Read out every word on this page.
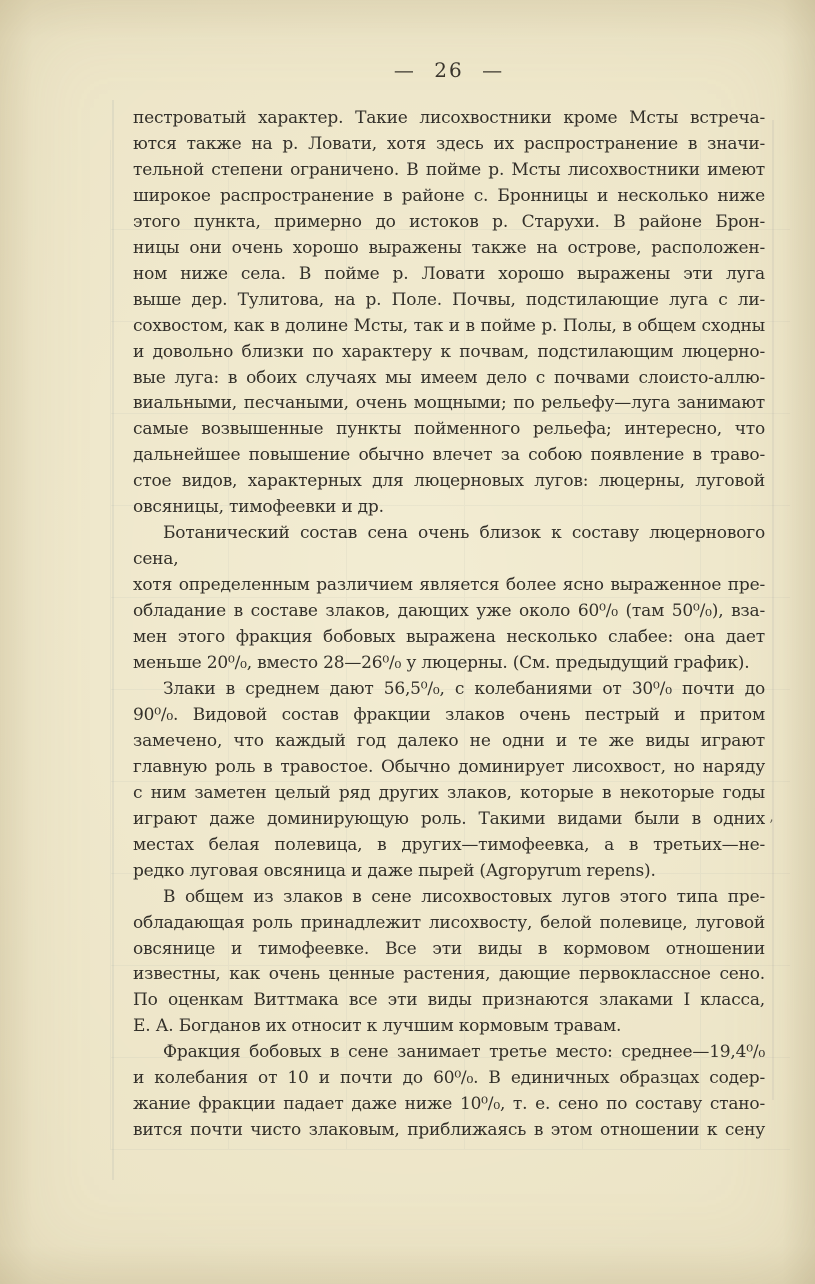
— 26 —
пестроватый характер. Такие лисохвостники кроме Мсты встреча-
ются также на р. Ловати, хотя здесь их распространение в значи-
тельной степени ограничено. В пойме р. Мсты лисохвостники имеют
широкое распространение в районе с. Бронницы и несколько ниже
этого пункта, примерно до истоков р. Старухи. В районе Брон-
ницы они очень хорошо выражены также на острове, расположен-
ном ниже села. В пойме р. Ловати хорошо выражены эти луга
выше дер. Тулитова, на р. Поле. Почвы, подстилающие луга с ли-
сохвостом, как в долине Мсты, так и в пойме р. Полы, в общем сходны
и довольно близки по характеру к почвам, подстилающим люцерно-
вые луга: в обоих случаях мы имеем дело с почвами слоисто-аллю-
виальными, песчаными, очень мощными; по рельефу—луга занимают
самые возвышенные пункты пойменного рельефа; интересно, что
дальнейшее повышение обычно влечет за собою появление в траво-
стое видов, характерных для люцерновых лугов: люцерны, луговой
овсяницы, тимофеевки и др.
Ботанический состав сена очень близок к составу люцернового сена,
хотя определенным различием является более ясно выраженное пре-
обладание в составе злаков, дающих уже около 60⁰/₀ (там 50⁰/₀), вза-
мен этого фракция бобовых выражена несколько слабее: она дает
меньше 20⁰/₀, вместо 28—26⁰/₀ у люцерны. (См. предыдущий график).
Злаки в среднем дают 56,5⁰/₀, с колебаниями от 30⁰/₀ почти до
90⁰/₀. Видовой состав фракции злаков очень пестрый и притом
замечено, что каждый год далеко не одни и те же виды играют
главную роль в травостое. Обычно доминирует лисохвост, но наряду
с ним заметен целый ряд других злаков, которые в некоторые годы
играют даже доминирующую роль. Такими видами были в одних
местах белая полевица, в других—тимофеевка, а в третьих—не-
редко луговая овсяница и даже пырей (Agropyrum repens).
В общем из злаков в сене лисохвостовых лугов этого типа пре-
обладающая роль принадлежит лисохвосту, белой полевице, луговой
овсянице и тимофеевке. Все эти виды в кормовом отношении
известны, как очень ценные растения, дающие первоклассное сено.
По оценкам Виттмака все эти виды признаются злаками I класса,
Е. А. Богданов их относит к лучшим кормовым травам.
Фракция бобовых в сене занимает третье место: среднее—19,4⁰/₀
и колебания от 10 и почти до 60⁰/₀. В единичных образцах содер-
жание фракции падает даже ниже 10⁰/₀, т. е. сено по составу стано-
вится почти чисто злаковым, приближаясь в этом отношении к сену
’
